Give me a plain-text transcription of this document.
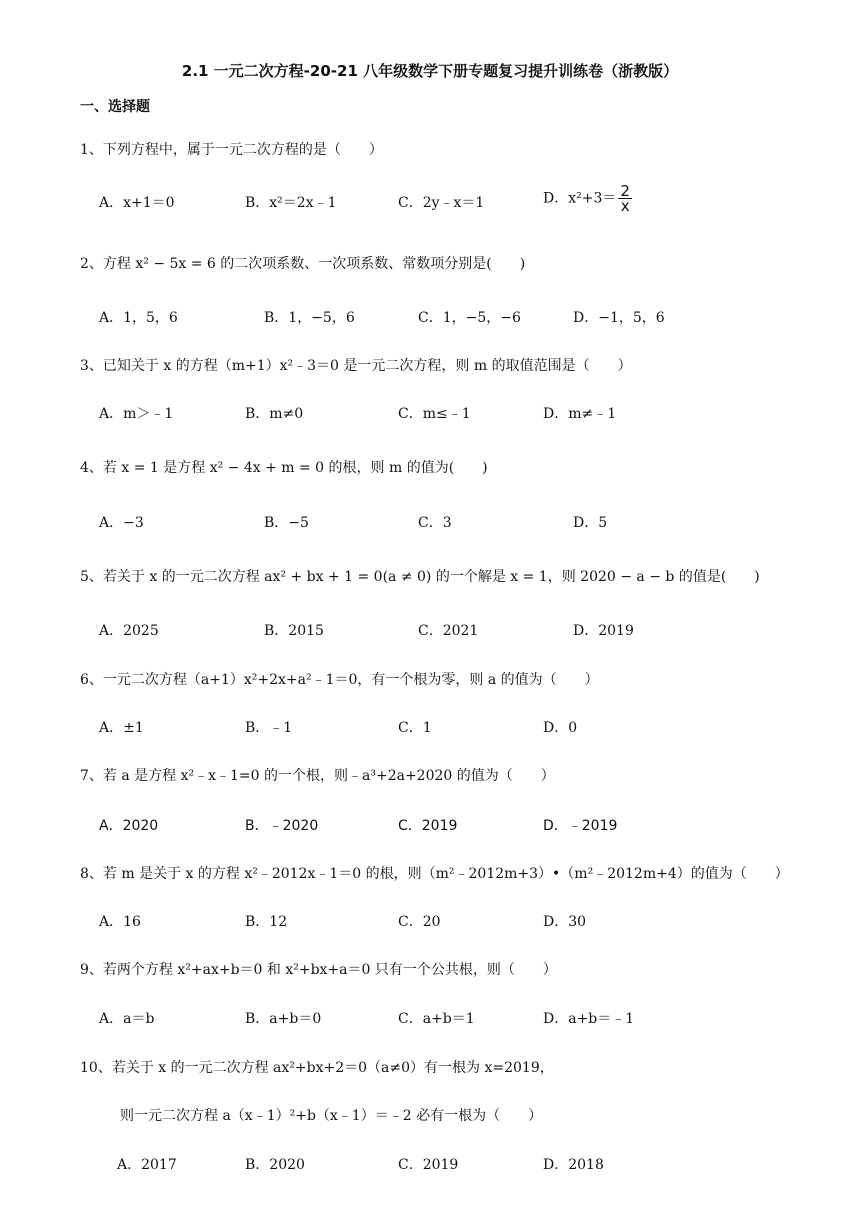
2.1 一元二次方程-20-21 八年级数学下册专题复习提升训练卷（浙教版）
一、选择题
1、下列方程中，属于一元二次方程的是（　　）
A．x+1＝0	B．x²＝2x﹣1	C．2y﹣x＝1	D．$x^2+3= \frac{2}{x}$
2、方程 x² − 5x = 6 的二次项系数、一次项系数、常数项分别是(　　)
A．1，5，6	B．1，−5，6	C．1，−5，−6	D．−1，5，6
3、已知关于 x 的方程（m+1）x²﹣3＝0 是一元二次方程，则 m 的取值范围是（　　）
A．m＞﹣1	B．m≠0	C．m≤﹣1	D．m≠﹣1
4、若 x = 1 是方程 x² − 4x + m = 0 的根，则 m 的值为(　　)
A．−3	B．−5	C．3	D．5
5、若关于 x 的一元二次方程 ax² + bx + 1 = 0(a ≠ 0) 的一个解是 x = 1，则 2020 − a − b 的值是(　　)
A．2025	B．2015	C．2021	D．2019
6、一元二次方程（a+1）x²+2x+a²﹣1＝0，有一个根为零，则 a 的值为（　　）
A．±1	B．﹣1	C．1	D．0
7、若 a 是方程 x²﹣x﹣1=0 的一个根，则﹣a³+2a+2020 的值为（　　）
A．2020	B．﹣2020	C．2019	D．﹣2019
8、若 m 是关于 x 的方程 x²﹣2012x﹣1＝0 的根，则（m²﹣2012m+3）•（m²﹣2012m+4）的值为（　　）
A．16	B．12	C．20	D．30
9、若两个方程 x²+ax+b＝0 和 x²+bx+a＝0 只有一个公共根，则（　　）
A．a＝b	B．a+b＝0	C．a+b＝1	D．a+b＝﹣1
10、若关于 x 的一元二次方程 ax²+bx+2＝0（a≠0）有一根为 x=2019，
则一元二次方程 a（x﹣1）²+b（x﹣1）＝﹣2 必有一根为（　　）
A．2017	B．2020	C．2019	D．2018
